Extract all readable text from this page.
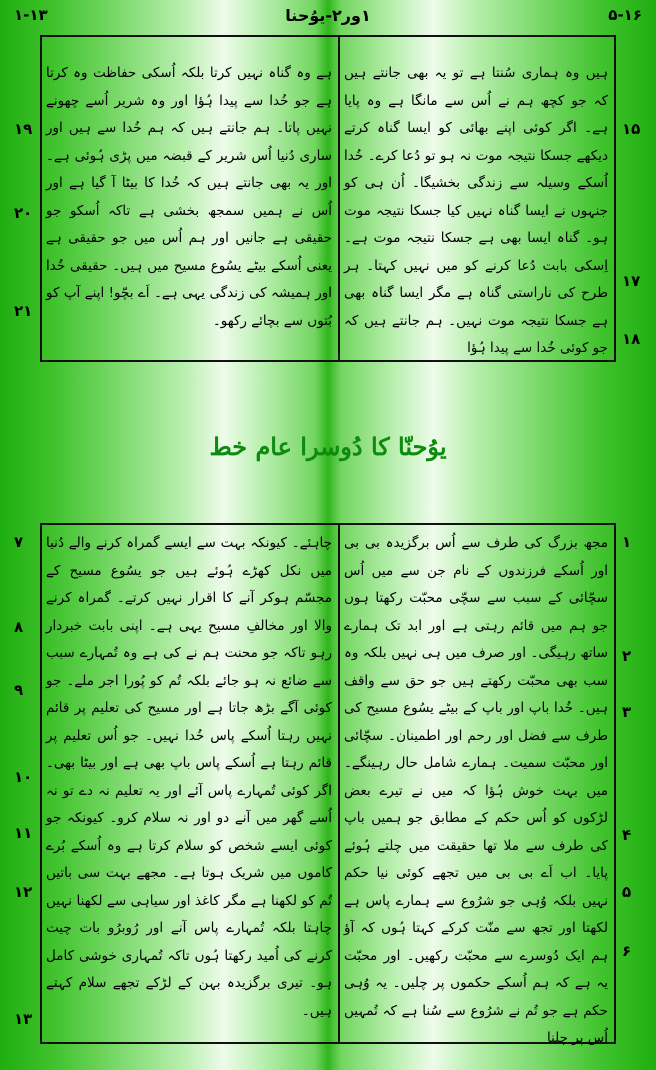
۱-۱۳	۱ور۲-یوُحنا	۵-۱۶
ہیں وہ ہماری سُنتا ہے تو یہ بھی جانتے ہیں کہ جو کچھ ہم نے اُس سے مانگا ہے وہ پایا ہے۔ اگر کوئی اپنے بھائی کو ایسا گناہ کرتے دیکھے جسکا نتیجہ موت نہ ہو تو دُعا کرے۔ خُدا اُسکے وسیلہ سے زندگی بخشیگا۔ اُن ہی کو جنہوں نے ایسا گناہ نہیں کیا جسکا نتیجہ موت ہو۔ گناہ ایسا بھی ہے جسکا نتیجہ موت ہے۔ اِسکی بابت دُعا کرنے کو میں نہیں کہتا۔ ہر طرح کی ناراستی گناہ ہے مگر ایسا گناہ بھی ہے جسکا نتیجہ موت نہیں۔ ہم جانتے ہیں کہ جو کوئی خُدا سے پیدا ہُؤا
ہے وہ گناہ نہیں کرتا بلکہ اُسکی حفاظت وہ کرتا ہے جو خُدا سے پیدا ہُؤا اور وہ شریر اُسے چھونے نہیں پاتا۔ ہم جانتے ہیں کہ ہم خُدا سے ہیں اور ساری دُنیا اُس شریر کے قبضہ میں پڑی ہُوئی ہے۔ اور یہ بھی جانتے ہیں کہ خُدا کا بیٹا آ گیا ہے اور اُس نے ہمیں سمجھ بخشی ہے تاکہ اُسکو جو حقیقی ہے جانیں اور ہم اُس میں جو حقیقی ہے یعنی اُسکے بیٹے یسُوع مسیح میں ہیں۔ حقیقی خُدا اور ہمیشہ کی زندگی یہی ہے۔ اَے بچّو! اپنے آپ کو بُتوں سے بچائے رکھو۔
۱۵
۱۷
۱۸
۱۹
۲۰
۲۱
یوُحنّا کا دُوسرا عام خط
مجھ بزرگ کی طرف سے اُس برگزیدہ بی بی اور اُسکے فرزندوں کے نام جن سے میں اُس سچّائی کے سبب سے سچّی محبّت رکھتا ہوں جو ہم میں قائم رہتی ہے اور ابد تک ہمارے ساتھ رہیگی۔ اور صرف میں ہی نہیں بلکہ وہ سب بھی محبّت رکھتے ہیں جو حق سے واقف ہیں۔ خُدا باپ اور باپ کے بیٹے یسُوع مسیح کی طرف سے فضل اور رحم اور اطمینان۔ سچّائی اور محبّت سمیت۔ ہمارے شامل حال رہینگے۔ میں بہت خوش ہُؤا کہ میں نے تیرے بعض لڑکوں کو اُس حکم کے مطابق جو ہمیں باپ کی طرف سے ملا تھا حقیقت میں چلتے ہُوئے پایا۔ اب اَے بی بی میں تجھے کوئی نیا حکم نہیں بلکہ وُہی جو شرُوع سے ہمارے پاس ہے لکھتا اور تجھ سے منّت کرکے کہتا ہُوں کہ آؤ ہم ایک دُوسرے سے محبّت رکھیں۔ اور محبّت یہ ہے کہ ہم اُسکے حکموں پر چلیں۔ یہ وُہی حکم ہے جو تُم نے شرُوع سے سُنا ہے کہ تُمہیں اُس پر چلنا
چاہئے۔ کیونکہ بہت سے ایسے گمراہ کرنے والے دُنیا میں نکل کھڑے ہُوئے ہیں جو یسُوع مسیح کے مجسّم ہوکر آنے کا اقرار نہیں کرتے۔ گمراہ کرنے والا اور مخالفِ مسیح یہی ہے۔ اپنی بابت خبردار رہو تاکہ جو محنت ہم نے کی ہے وہ تُمہارے سبب سے ضائع نہ ہو جائے بلکہ تُم کو پُورا اجر ملے۔ جو کوئی آگے بڑھ جاتا ہے اور مسیح کی تعلیم پر قائم نہیں رہتا اُسکے پاس خُدا نہیں۔ جو اُس تعلیم پر قائم رہتا ہے اُسکے پاس باپ بھی ہے اور بیٹا بھی۔ اگر کوئی تُمہارے پاس آئے اور یہ تعلیم نہ دے تو نہ اُسے گھر میں آنے دو اور نہ سلام کرو۔ کیونکہ جو کوئی ایسے شخص کو سلام کرتا ہے وہ اُسکے بُرے کاموں میں شریک ہوتا ہے۔ مجھے بہت سی باتیں تُم کو لکھنا ہے مگر کاغذ اور سیاہی سے لکھنا نہیں چاہتا بلکہ تُمہارے پاس آنے اور رُوبرُو بات چیت کرنے کی اُمید رکھتا ہُوں تاکہ تُمہاری خوشی کامل ہو۔ تیری برگزیدہ بہن کے لڑکے تجھے سلام کہتے ہیں۔
۱
۲
۳
۴
۵
۶
۷
۸
۹
۱۰
۱۱
۱۲
۱۳
